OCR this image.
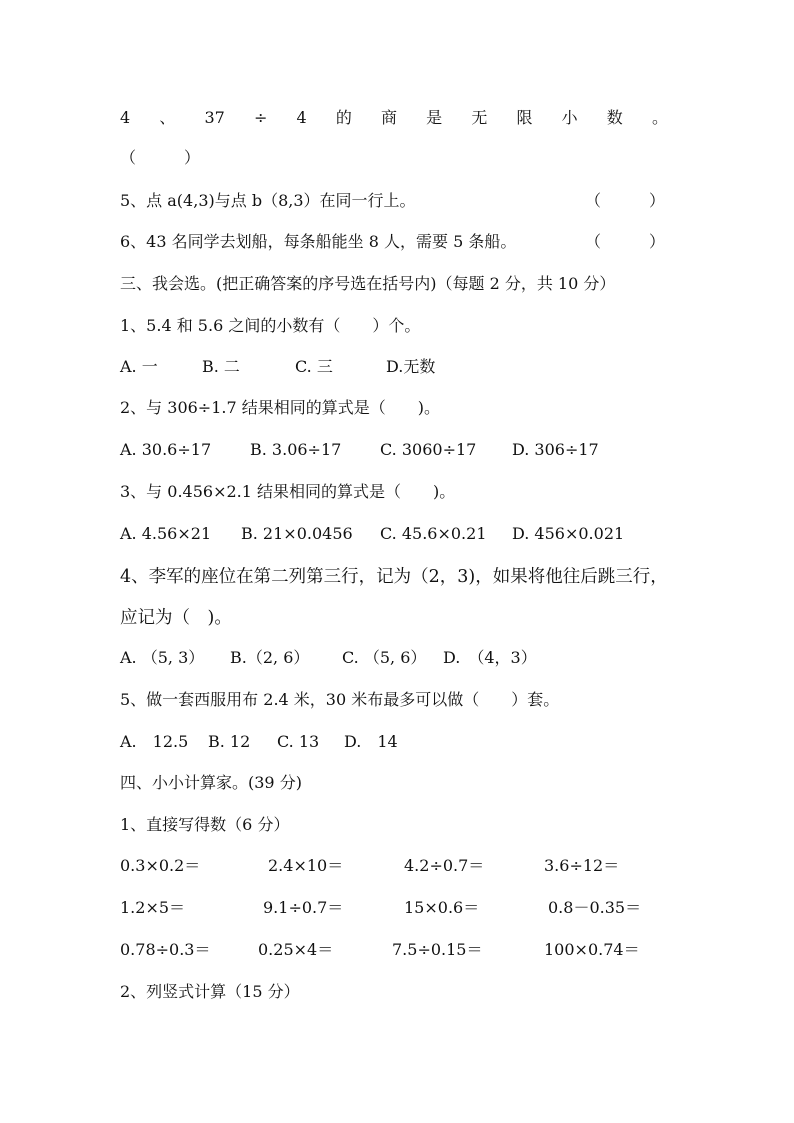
4 、 37 ÷ 4 的 商 是 无 限 小 数 。
（　　　）
5、点 a(4,3)与点 b（8,3）在同一行上。	（　　　）
6、43 名同学去划船，每条船能坐 8 人，需要 5 条船。	（　　　）
三、我会选。(把正确答案的序号选在括号内)（每题 2 分，共 10 分）
1、5.4 和 5.6 之间的小数有（　　）个。
A. 一	B. 二	C. 三	D.无数
2、与 306÷1.7 结果相同的算式是（　　)。
A. 30.6÷17 B. 3.06÷17 C. 3060÷17 D. 306÷17
3、与 0.456×2.1 结果相同的算式是（　　)。
A. 4.56×21 B. 21×0.0456 C. 45.6×0.21 D. 456×0.021
4、李军的座位在第二列第三行，记为（2，3)，如果将他往后跳三行，
应记为（　)。
A. （5, 3） B.（2, 6） C. （5, 6） D.　（4，3）
5、做一套西服用布 2.4 米，30 米布最多可以做（　　）套。
A.　12.5 B. 12 C. 13 D.　14
四、小小计算家。(39 分)
1、直接写得数（6 分）
0.3×0.2＝	2.4×10＝	4.2÷0.7＝	3.6÷12＝
1.2×5＝	9.1÷0.7＝	15×0.6＝	0.8－0.35＝
0.78÷0.3＝	0.25×4＝	7.5÷0.15＝	100×0.74＝
2、列竖式计算（15 分）
